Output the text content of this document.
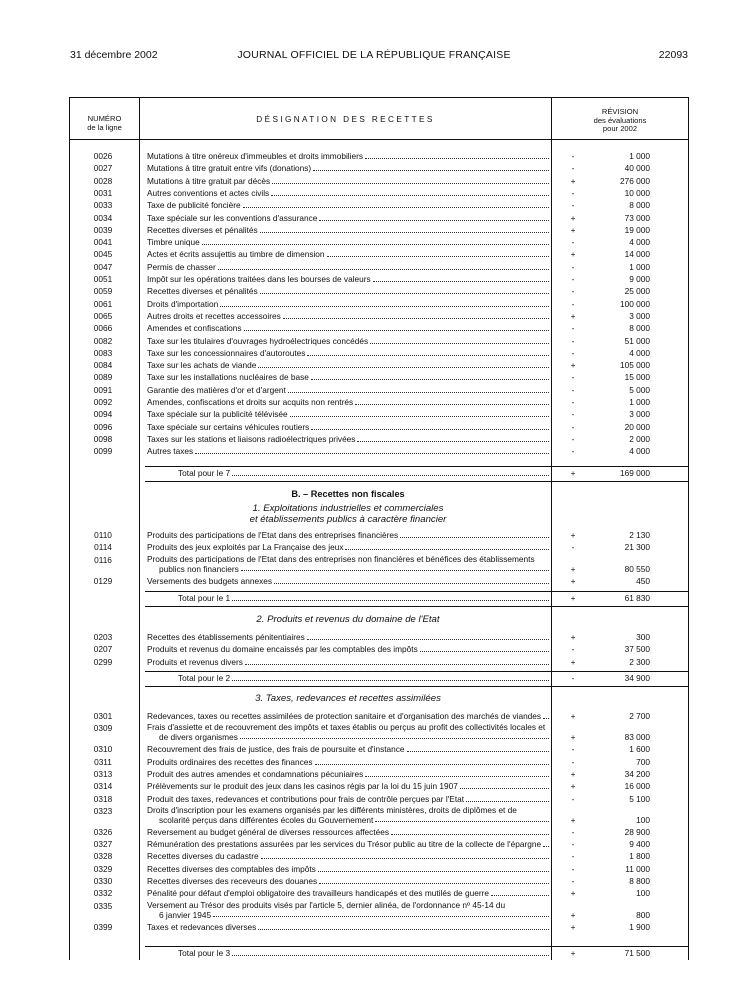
31 décembre 2002	JOURNAL OFFICIEL DE LA RÉPUBLIQUE FRANÇAISE	22093
NUMÉRO
de la ligne
DÉSIGNATION DES RECETTES
RÉVISION
des évaluations
pour 2002
0026	Mutations à titre onéreux d'immeubles et droits immobiliers	-	1 000
0027	Mutations à titre gratuit entre vifs (donations)	-	40 000
0028	Mutations à titre gratuit par décès	+	276 000
0031	Autres conventions et actes civils	-	10 000
0033	Taxe de publicité foncière	-	8 000
0034	Taxe spéciale sur les conventions d'assurance	+	73 000
0039	Recettes diverses et pénalités	+	19 000
0041	Timbre unique	-	4 000
0045	Actes et écrits assujettis au timbre de dimension	+	14 000
0047	Permis de chasser	-	1 000
0051	Impôt sur les opérations traitées dans les bourses de valeurs	-	9 000
0059	Recettes diverses et pénalités	-	25 000
0061	Droits d'importation	-	100 000
0065	Autres droits et recettes accessoires	+	3 000
0066	Amendes et confiscations	-	8 000
0082	Taxe sur les titulaires d'ouvrages hydroélectriques concédés	-	51 000
0083	Taxe sur les concessionnaires d'autoroutes	-	4 000
0084	Taxe sur les achats de viande	+	105 000
0089	Taxe sur les installations nucléaires de base	-	15 000
0091	Garantie des matières d'or et d'argent	-	5 000
0092	Amendes, confiscations et droits sur acquits non rentrés	-	1 000
0094	Taxe spéciale sur la publicité télévisée	-	3 000
0096	Taxe spéciale sur certains véhicules routiers	-	20 000
0098	Taxes sur les stations et liaisons radioélectriques privées	-	2 000
0099	Autres taxes	-	4 000
Total pour le 7	+	169 000
B. – Recettes non fiscales
1. Exploitations industrielles et commerciales
et établissements publics à caractère financier
0110	Produits des participations de l'Etat dans des entreprises financières	+	2 130
0114	Produits des jeux exploités par La Française des jeux	-	21 300
0116	Produits des participations de l'Etat dans des entreprises non financières et bénéfices des établissements
publics non financiers	+	80 550
0129	Versements des budgets annexes	+	450
Total pour le 1	+	61 830
2. Produits et revenus du domaine de l'Etat
0203	Recettes des établissements pénitentiaires	+	300
0207	Produits et revenus du domaine encaissés par les comptables des impôts	-	37 500
0299	Produits et revenus divers	+	2 300
Total pour le 2	-	34 900
3. Taxes, redevances et recettes assimilées
0301	Redevances, taxes ou recettes assimilées de protection sanitaire et d'organisation des marchés de viandes	+	2 700
0309	Frais d'assiette et de recouvrement des impôts et taxes établis ou perçus au profit des collectivités locales et
de divers organismes	+	83 000
0310	Recouvrement des frais de justice, des frais de poursuite et d'instance	-	1 600
0311	Produits ordinaires des recettes des finances	-	700
0313	Produit des autres amendes et condamnations pécuniaires	+	34 200
0314	Prélèvements sur le produit des jeux dans les casinos régis par la loi du 15 juin 1907	+	16 000
0318	Produit des taxes, redevances et contributions pour frais de contrôle perçues par l'Etat	-	5 100
0323	Droits d'inscription pour les examens organisés par les différents ministères, droits de diplômes et de
scolarité perçus dans différentes écoles du Gouvernement	+	100
0326	Reversement au budget général de diverses ressources affectées	-	28 900
0327	Rémunération des prestations assurées par les services du Trésor public au titre de la collecte de l'épargne	-	9 400
0328	Recettes diverses du cadastre	-	1 800
0329	Recettes diverses des comptables des impôts	-	11 000
0330	Recettes diverses des receveurs des douanes	-	8 800
0332	Pénalité pour défaut d'emploi obligatoire des travailleurs handicapés et des mutilés de guerre	+	100
0335	Versement au Trésor des produits visés par l'article 5, dernier alinéa, de l'ordonnance nº 45-14 du
6 janvier 1945	+	800
0399	Taxes et redevances diverses	+	1 900
Total pour le 3	+	71 500
